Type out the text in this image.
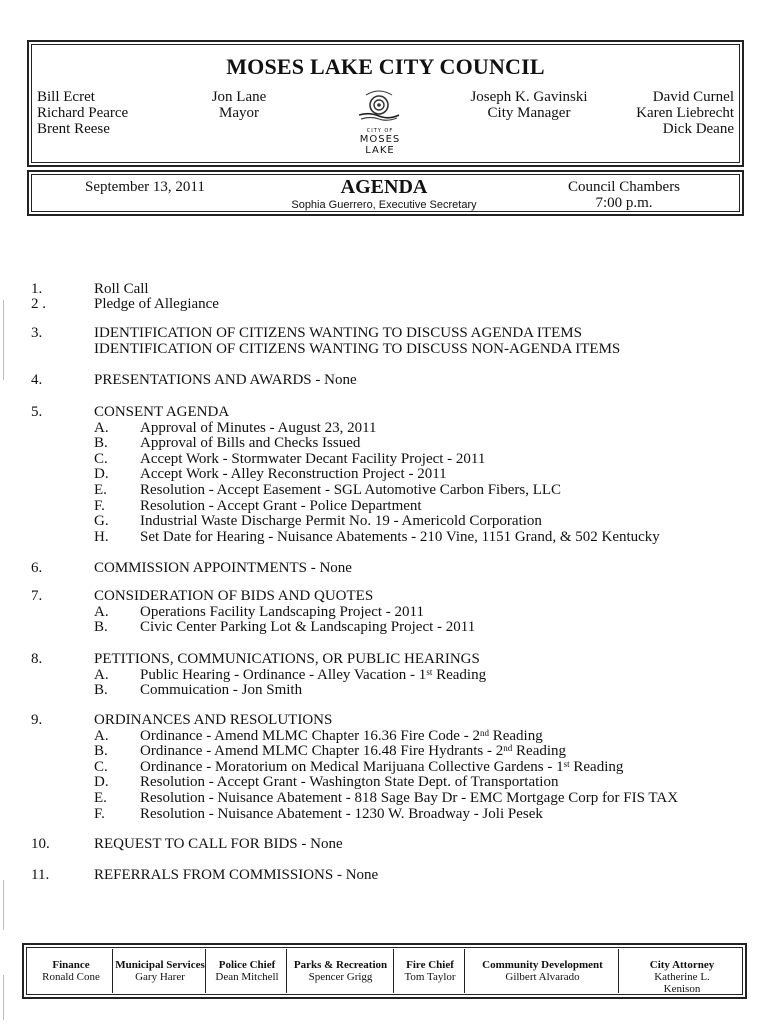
MOSES LAKE CITY COUNCIL
Bill Ecret
Richard Pearce
Brent Reese
Jon Lane
Mayor
Joseph K. Gavinski
City Manager
David Curnel
Karen Liebrecht
Dick Deane
CITY OF
MOSES
LAKE
September 13, 2011	AGENDA
Sophia Guerrero, Executive Secretary
Council Chambers
7:00 p.m.
1.	Roll Call
2 .	Pledge of Allegiance
3.	IDENTIFICATION OF CITIZENS WANTING TO DISCUSS AGENDA ITEMS
IDENTIFICATION OF CITIZENS WANTING TO DISCUSS NON-AGENDA ITEMS
4.	PRESENTATIONS AND AWARDS - None
5.	CONSENT AGENDA
A. Approval of Minutes - August 23, 2011
B. Approval of Bills and Checks Issued
C. Accept Work - Stormwater Decant Facility Project - 2011
D. Accept Work - Alley Reconstruction Project - 2011
E. Resolution - Accept Easement - SGL Automotive Carbon Fibers, LLC
F. Resolution - Accept Grant - Police Department
G. Industrial Waste Discharge Permit No. 19 - Americold Corporation
H. Set Date for Hearing - Nuisance Abatements - 210 Vine, 1151 Grand, & 502 Kentucky
6.	COMMISSION APPOINTMENTS - None
7.	CONSIDERATION OF BIDS AND QUOTES
A. Operations Facility Landscaping Project - 2011
B. Civic Center Parking Lot & Landscaping Project - 2011
8.	PETITIONS, COMMUNICATIONS, OR PUBLIC HEARINGS
A. Public Hearing - Ordinance - Alley Vacation - 1st Reading
B. Commuication - Jon Smith
9.	ORDINANCES AND RESOLUTIONS
A. Ordinance - Amend MLMC Chapter 16.36 Fire Code - 2nd Reading
B. Ordinance - Amend MLMC Chapter 16.48 Fire Hydrants - 2nd Reading
C. Ordinance - Moratorium on Medical Marijuana Collective Gardens - 1st Reading
D. Resolution - Accept Grant - Washington State Dept. of Transportation
E. Resolution - Nuisance Abatement - 818 Sage Bay Dr - EMC Mortgage Corp for FIS TAX
F. Resolution - Nuisance Abatement - 1230 W. Broadway - Joli Pesek
10.	REQUEST TO CALL FOR BIDS - None
11.	REFERRALS FROM COMMISSIONS - None
Finance
Ronald Cone
Municipal Services
Gary Harer
Police Chief
Dean Mitchell
Parks & Recreation
Spencer Grigg
Fire Chief
Tom Taylor
Community Development
Gilbert Alvarado
City Attorney
Katherine L. Kenison
